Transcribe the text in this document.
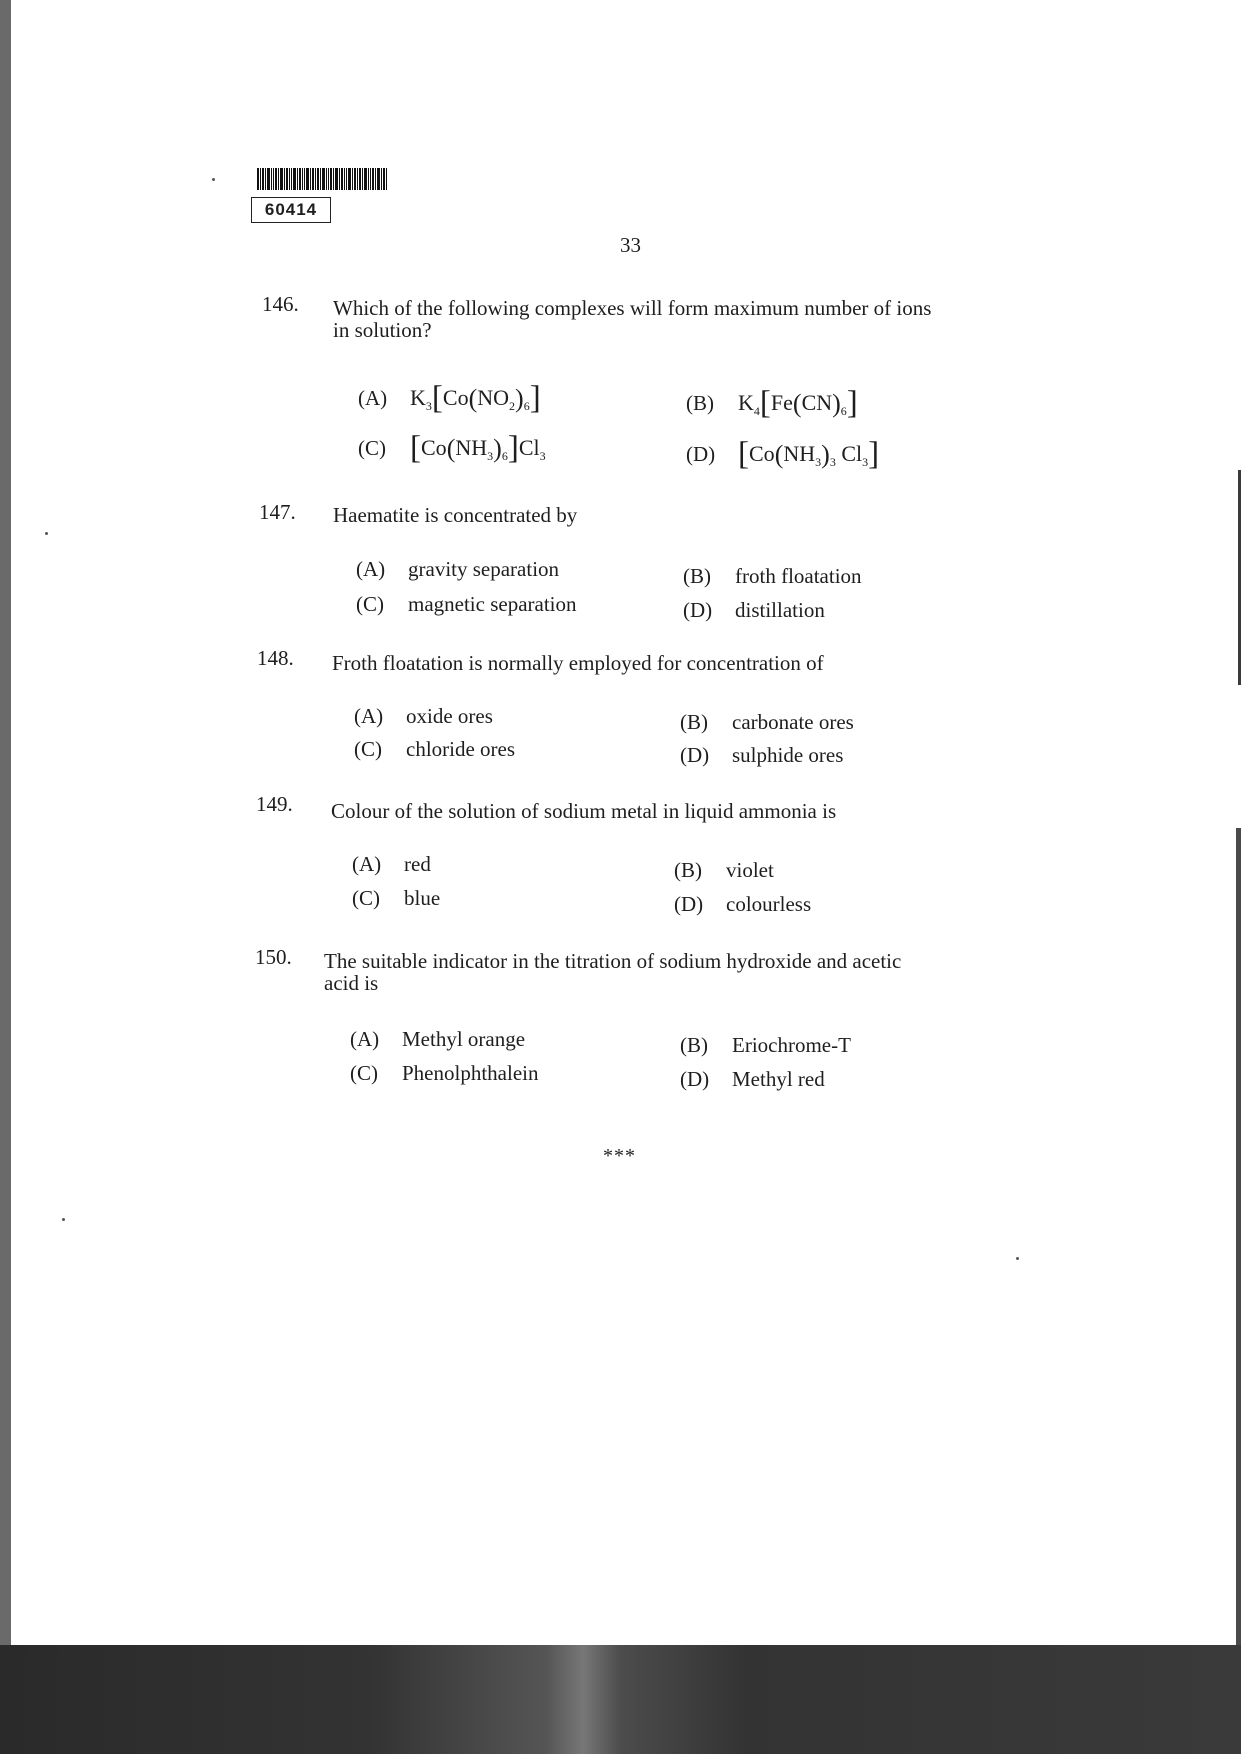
60414
33
146. Which of the following complexes will form maximum number of ions
in solution?
(A) $K_3[Co(NO_2)_6]$	(B) $K_4[Fe(CN)_6]$
(C) $[Co(NH_3)_6]Cl_3$	(D) [$Co(NH_3)_3$ $Cl_3$]
147. Haematite is concentrated by
(A) gravity separation	(B) froth floatation
(C) magnetic separation	(D) distillation
148. Froth floatation is normally employed for concentration of
(A) oxide ores	(B) carbonate ores
(C) chloride ores	(D) sulphide ores
149. Colour of the solution of sodium metal in liquid ammonia is
(A) red	(B) violet
(C) blue	(D) colourless
150. The suitable indicator in the titration of sodium hydroxide and acetic
acid is
(A) Methyl orange	(B) Eriochrome-T
(C) Phenolphthalein	(D) Methyl red
***
